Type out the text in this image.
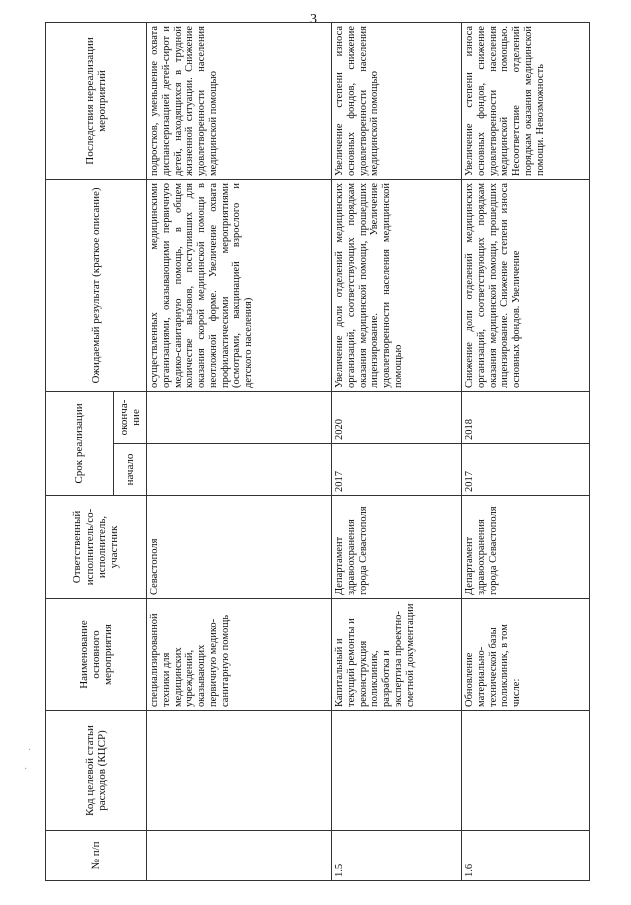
3
·
·
№ п/п	Код целевой статьи расходов (КЦСР)	Наименование основного мероприятия	Ответственный исполнитель/со-исполнитель, участник	Срок реализации		Ожидаемый результат (краткое описание)	Последствия нереализации мероприятий
				начало	оконча-ние		
		специализированной техники для медицинских учреждений, оказывающих первичную медико-санитарную помощь	Севастополя			осуществленных медицинскими организациями, оказывающими первичную медико-санитарную помощь, в общем количестве вызовов, поступивших для оказания скорой медицинской помощи в неотложной форме. Увеличение охвата профилактическими мероприятиями (осмотрами, вакцинацией взрослого и детского населения)	подростков, уменьшение охвата диспансеризацией детей-сирот и детей, находящихся в трудной жизненной ситуации. Снижение удовлетворенности населения медицинской помощью
1.5		Капитальный и текущий ремонты и реконструкция поликлиник, разработка и экспертиза проектно-сметной документации	Департамент здравоохранения города Севастополя	2017	2020	Увеличение доли отделений медицинских организаций, соответствующих порядкам оказания медицинской помощи, прошедших лицензирование. Увеличение удовлетворенности населения медицинской помощью	Увеличение степени износа основных фондов, снижение удовлетворенности населения медицинской помощью
1.6		Обновление материально-технической базы поликлиник, в том числе:	Департамент здравоохранения города Севастополя	2017	2018	Снижение доли отделений медицинских организаций, соответствующих порядкам оказания медицинской помощи, прошедших лицензирование. Снижение степени износа основных фондов. Увеличение	Увеличение степени износа основных фондов, снижение удовлетворенности населения медицинской помощью. Несоответствие отделений порядкам оказания медицинской помощи. Невозможность
